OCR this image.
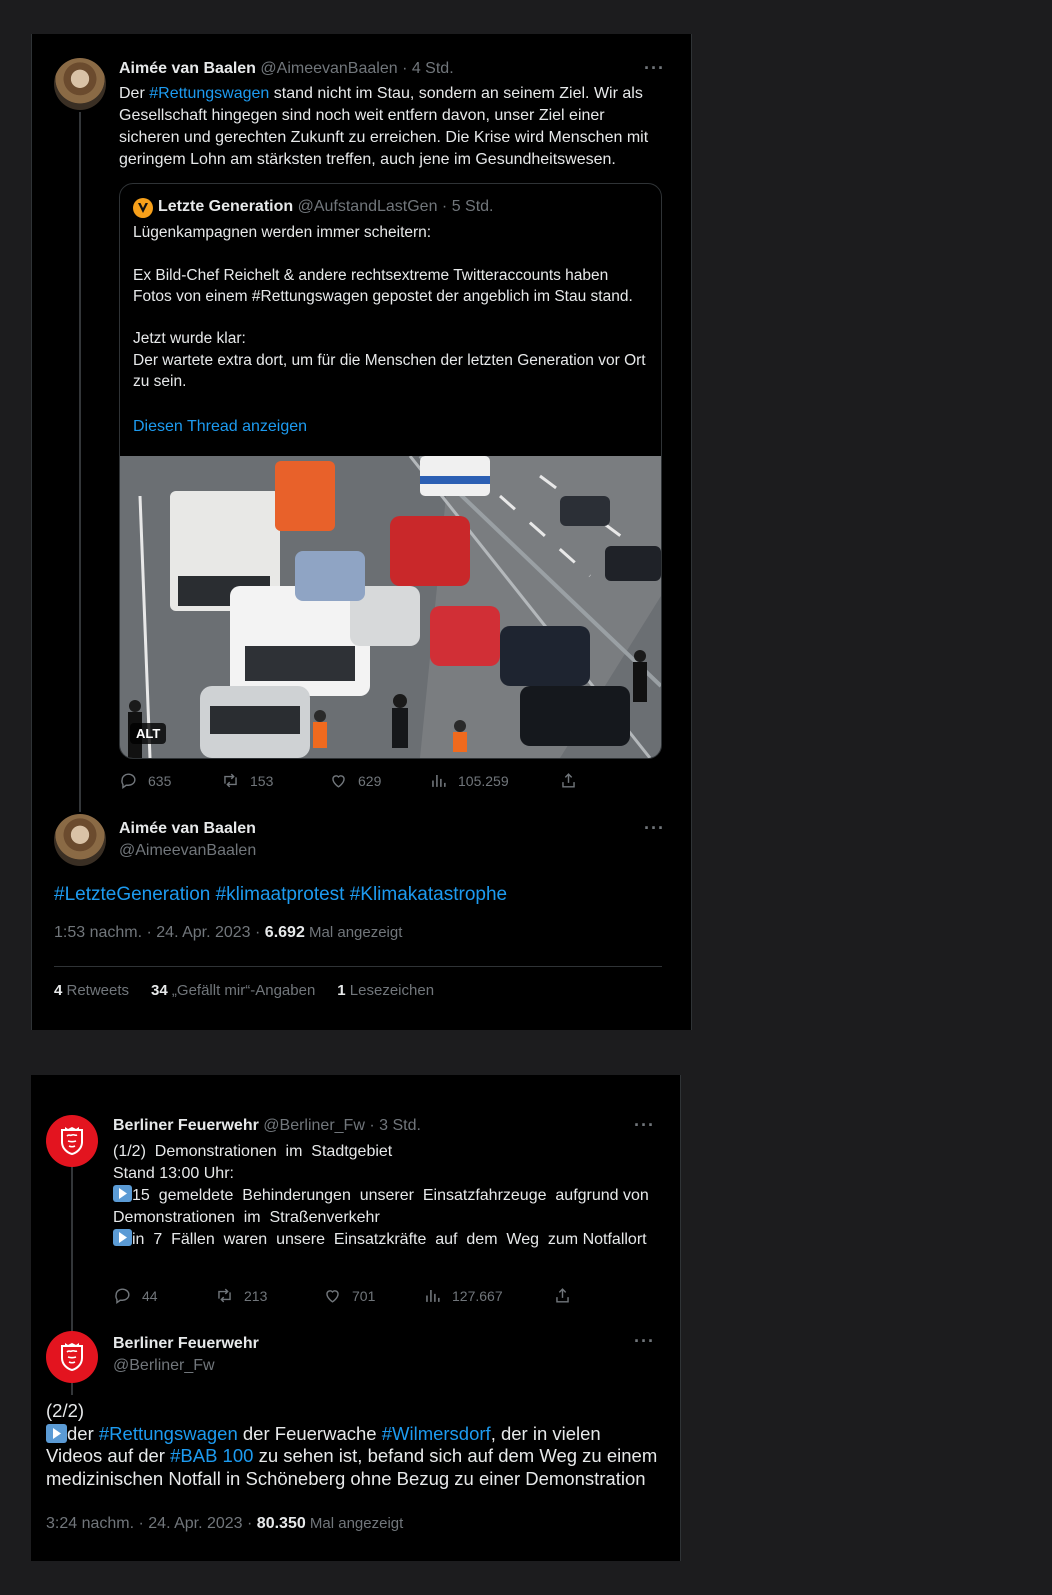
Aimée van Baalen @AimeevanBaalen · 4 Std.	···
Der #Rettungswagen stand nicht im Stau, sondern an seinem Ziel. Wir als Gesellschaft hingegen sind noch weit entfern davon, unser Ziel einer sicheren und gerechten Zukunft zu erreichen. Die Krise wird Menschen mit geringem Lohn am stärksten treffen, auch jene im Gesundheitswesen.
Letzte Generation @AufstandLastGen · 5 Std.
Lügenkampagnen werden immer scheitern:

Ex Bild-Chef Reichelt & andere rechtsextreme Twitteraccounts haben Fotos von einem #Rettungswagen gepostet der angeblich im Stau stand.

Jetzt wurde klar:
Der wartete extra dort, um für die Menschen der letzten Generation vor Ort zu sein.
Diesen Thread anzeigen
ALT
635	153	629	105.259
Aimée van Baalen
@AimeevanBaalen
···
#LetzteGeneration #klimaatprotest #Klimakatastrophe
1:53 nachm. · 24. Apr. 2023 · 6.692 Mal angezeigt
4 Retweets 34 „Gefällt mir“-Angaben 1 Lesezeichen
Berliner Feuerwehr @Berliner_Fw · 3 Std.	···
(1/2)  Demonstrationen  im  Stadtgebiet
Stand 13:00 Uhr:
15  gemeldete  Behinderungen  unserer  Einsatzfahrzeuge  aufgrund von  Demonstrationen  im  Straßenverkehr
in  7  Fällen  waren  unsere  Einsatzkräfte  auf  dem  Weg  zum Notfallort
44	213	701	127.667
Berliner Feuerwehr
@Berliner_Fw
···
(2/2)
der #Rettungswagen der Feuerwache #Wilmersdorf, der in vielen Videos auf der #BAB 100 zu sehen ist, befand sich auf dem Weg zu einem medizinischen Notfall in Schöneberg ohne Bezug zu einer Demonstration
3:24 nachm. · 24. Apr. 2023 · 80.350 Mal angezeigt
